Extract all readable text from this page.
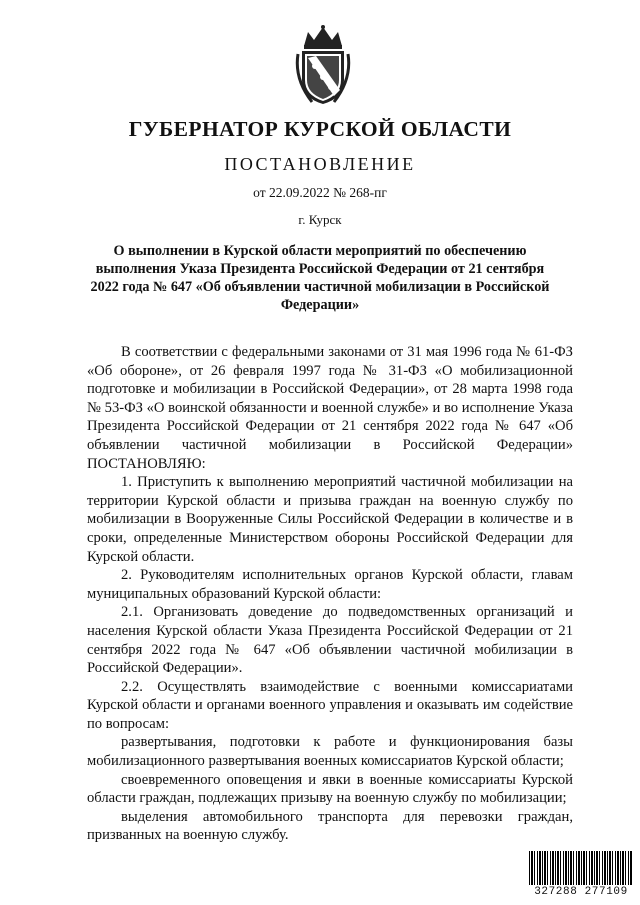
ГУБЕРНАТОР КУРСКОЙ ОБЛАСТИ
ПОСТАНОВЛЕНИЕ
от 22.09.2022 № 268-пг
г. Курск
О выполнении в Курской области мероприятий по обеспечению выполнения Указа Президента Российской Федерации от 21 сентября 2022 года № 647 «Об объявлении частичной мобилизации в Российской Федерации»

В соответствии с федеральными законами от 31 мая 1996 года № 61-ФЗ «Об обороне», от 26 февраля 1997 года № 31-ФЗ «О мобилизационной подготовке и мобилизации в Российской Федерации», от 28 марта 1998 года № 53-ФЗ «О воинской обязанности и военной службе» и во исполнение Указа Президента Российской Федерации от 21 сентября 2022 года № 647 «Об объявлении частичной мобилизации в Российской Федерации» ПОСТАНОВЛЯЮ:

1. Приступить к выполнению мероприятий частичной мобилизации на территории Курской области и призыва граждан на военную службу по мобилизации в Вооруженные Силы Российской Федерации в количестве и в сроки, определенные Министерством обороны Российской Федерации для Курской области.

2. Руководителям исполнительных органов Курской области, главам муниципальных образований Курской области:

2.1. Организовать доведение до подведомственных организаций и населения Курской области Указа Президента Российской Федерации от 21 сентября 2022 года № 647 «Об объявлении частичной мобилизации в Российской Федерации».

2.2. Осуществлять взаимодействие с военными комиссариатами Курской области и органами военного управления и оказывать им содействие по вопросам:

развертывания, подготовки к работе и функционирования базы мобилизационного развертывания военных комиссариатов Курской области;

своевременного оповещения и явки в военные комиссариаты Курской области граждан, подлежащих призыву на военную службу по мобилизации;

выделения автомобильного транспорта для перевозки граждан, призванных на военную службу.

327288 277109
